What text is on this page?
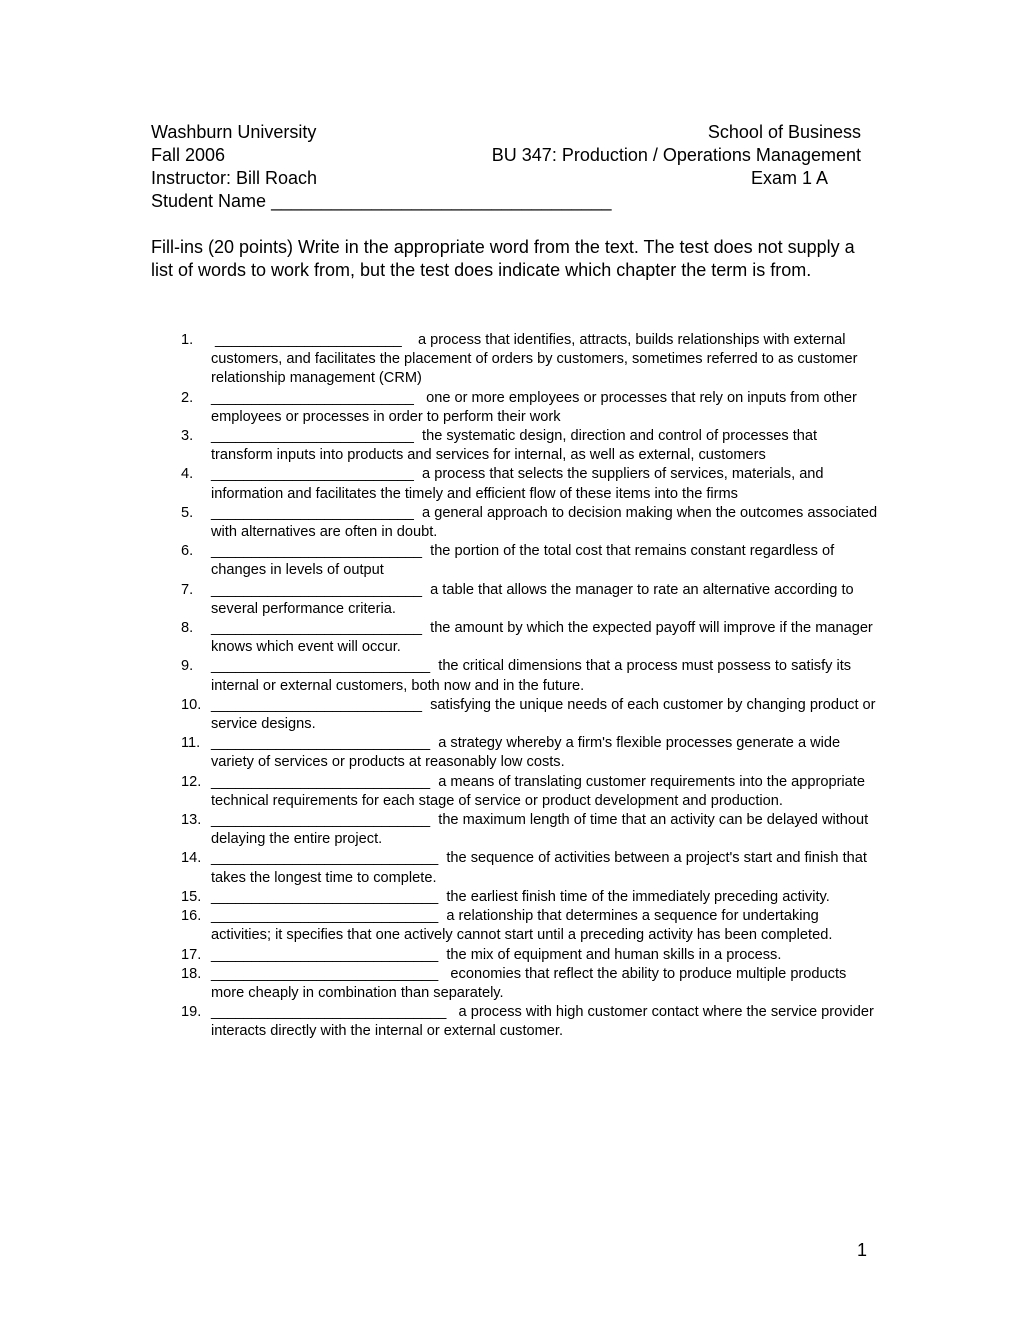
Washburn University	School of Business
Fall 2006	BU 347: Production / Operations Management
Instructor: Bill Roach	Exam 1 A
Student Name __________________________________
Fill-ins (20 points) Write in the appropriate word from the text. The test does not supply a list of words to work from, but the test does indicate which chapter the term is from.
1. _______________________    a process that identifies, attracts, builds relationships with external customers, and facilitates the placement of orders by customers, sometimes referred to as customer relationship management (CRM)
2. _________________________   one or more employees or processes that rely on inputs from other employees or processes in order to perform their work
3. _________________________  the systematic design, direction and control of processes that transform inputs into products and services for internal, as well as external, customers
4. _________________________  a process that selects the suppliers of services, materials, and information and facilitates the timely and efficient flow of these items into the firms
5. _________________________  a general approach to decision making when the outcomes associated with alternatives are often in doubt.
6. __________________________  the portion of the total cost that remains constant regardless of changes in levels of output
7. __________________________  a table that allows the manager to rate an alternative according to several performance criteria.
8. __________________________  the amount by which the expected payoff will improve if the manager knows which event will occur.
9. ___________________________  the critical dimensions that a process must possess to satisfy its internal or external customers, both now and in the future.
10. __________________________  satisfying the unique needs of each customer by changing product or service designs.
11. ___________________________  a strategy whereby a firm's flexible processes generate a wide variety of services or products at reasonably low costs.
12. ___________________________  a means of translating customer requirements into the appropriate technical requirements for each stage of service or product development and production.
13. ___________________________  the maximum length of time that an activity can be delayed without delaying the entire project.
14. ____________________________  the sequence of activities between a project's start and finish that takes the longest time to complete.
15. ____________________________  the earliest finish time of the immediately preceding activity.
16. ____________________________  a relationship that determines a sequence for undertaking activities; it specifies that one actively cannot start until a preceding activity has been completed.
17. ____________________________  the mix of equipment and human skills in a process.
18. ____________________________   economies that reflect the ability to produce multiple products more cheaply in combination than separately.
19. _____________________________   a process with high customer contact where the service provider interacts directly with the internal or external customer.
1
